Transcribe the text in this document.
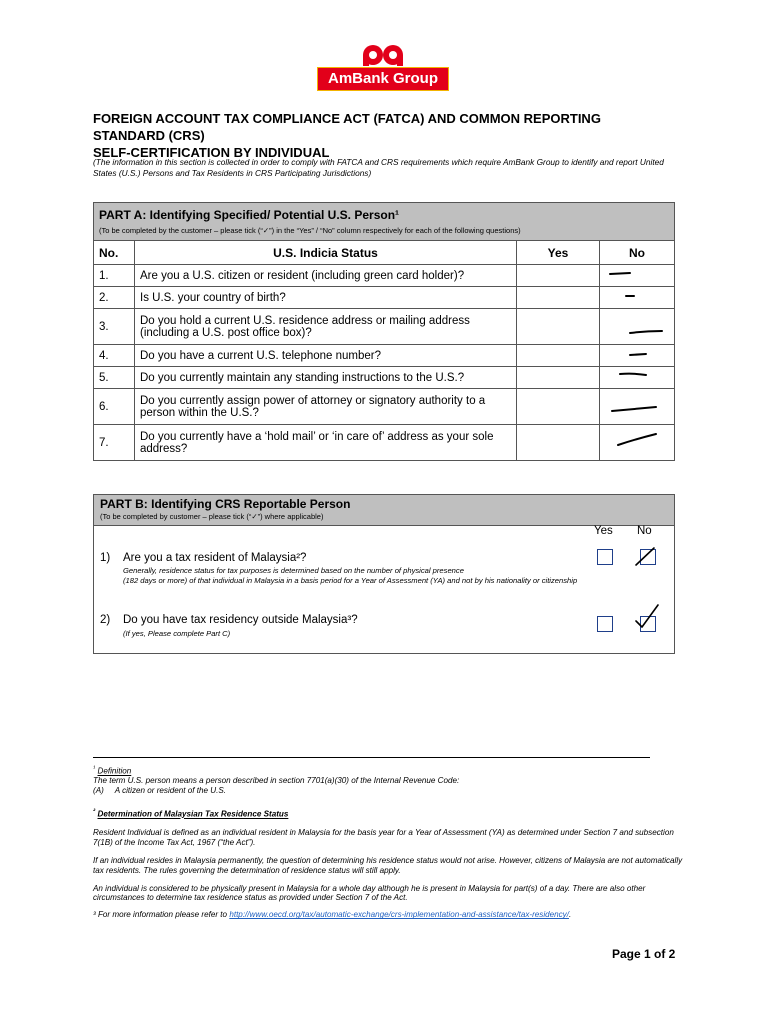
AmBank Group
FOREIGN ACCOUNT TAX COMPLIANCE ACT (FATCA) AND COMMON REPORTING
STANDARD (CRS)
SELF-CERTIFICATION BY INDIVIDUAL
(The information in this section is collected in order to comply with FATCA and CRS requirements which require AmBank Group to identify and report United States (U.S.) Persons and Tax Residents in CRS Participating Jurisdictions)
PART A: Identifying Specified/ Potential U.S. Person¹
(To be completed by the customer – please tick (“✓”) in the “Yes” / “No” column respectively for each of the following questions)			

No.	U.S. Indicia Status	Yes	No
1.	Are you a U.S. citizen or resident (including green card holder)?		

2.	Is U.S. your country of birth?		

3.	Do you hold a current U.S. residence address or mailing address (including a U.S. post office box)?		

4.	Do you have a current U.S. telephone number?		

5.	Do you currently maintain any standing instructions to the U.S.?		

6.	Do you currently assign power of attorney or signatory authority to a person within the U.S.?		

7.	Do you currently have a ‘hold mail’ or ‘in care of’ address as your sole address?		
PART B: Identifying CRS Reportable Person
(To be completed by customer – please tick (“✓”) where applicable)
Yes No
1) Are you a tax resident of Malaysia²?
Generally, residence status for tax purposes is determined based on the number of physical presence
(182 days or more) of that individual in Malaysia in a basis period for a Year of Assessment (YA) and not by his nationality or citizenship
2) Do you have tax residency outside Malaysia³?
(If yes, Please complete Part C)
$^{^1}$ Definition
The term U.S. person means a person described in section 7701(a)(30) of the Internal Revenue Code:
(A)     A citizen or resident of the U.S.
$^{^2}$ Determination of Malaysian Tax Residence Status
Resident Individual is defined as an individual resident in Malaysia for the basis year for a Year of Assessment (YA) as determined under Section 7 and subsection 7(1B) of the Income Tax Act, 1967 (“the Act”).
If an individual resides in Malaysia permanently, the question of determining his residence status would not arise. However, citizens of Malaysia are not automatically tax residents. The rules governing the determination of residence status will still apply.
An individual is considered to be physically present in Malaysia for a whole day although he is present in Malaysia for part(s) of a day. There are also other circumstances to determine tax residence status as provided under Section 7 of the Act.
³ For more information please refer to http://www.oecd.org/tax/automatic-exchange/crs-implementation-and-assistance/tax-residency/.
Page 1 of 2
